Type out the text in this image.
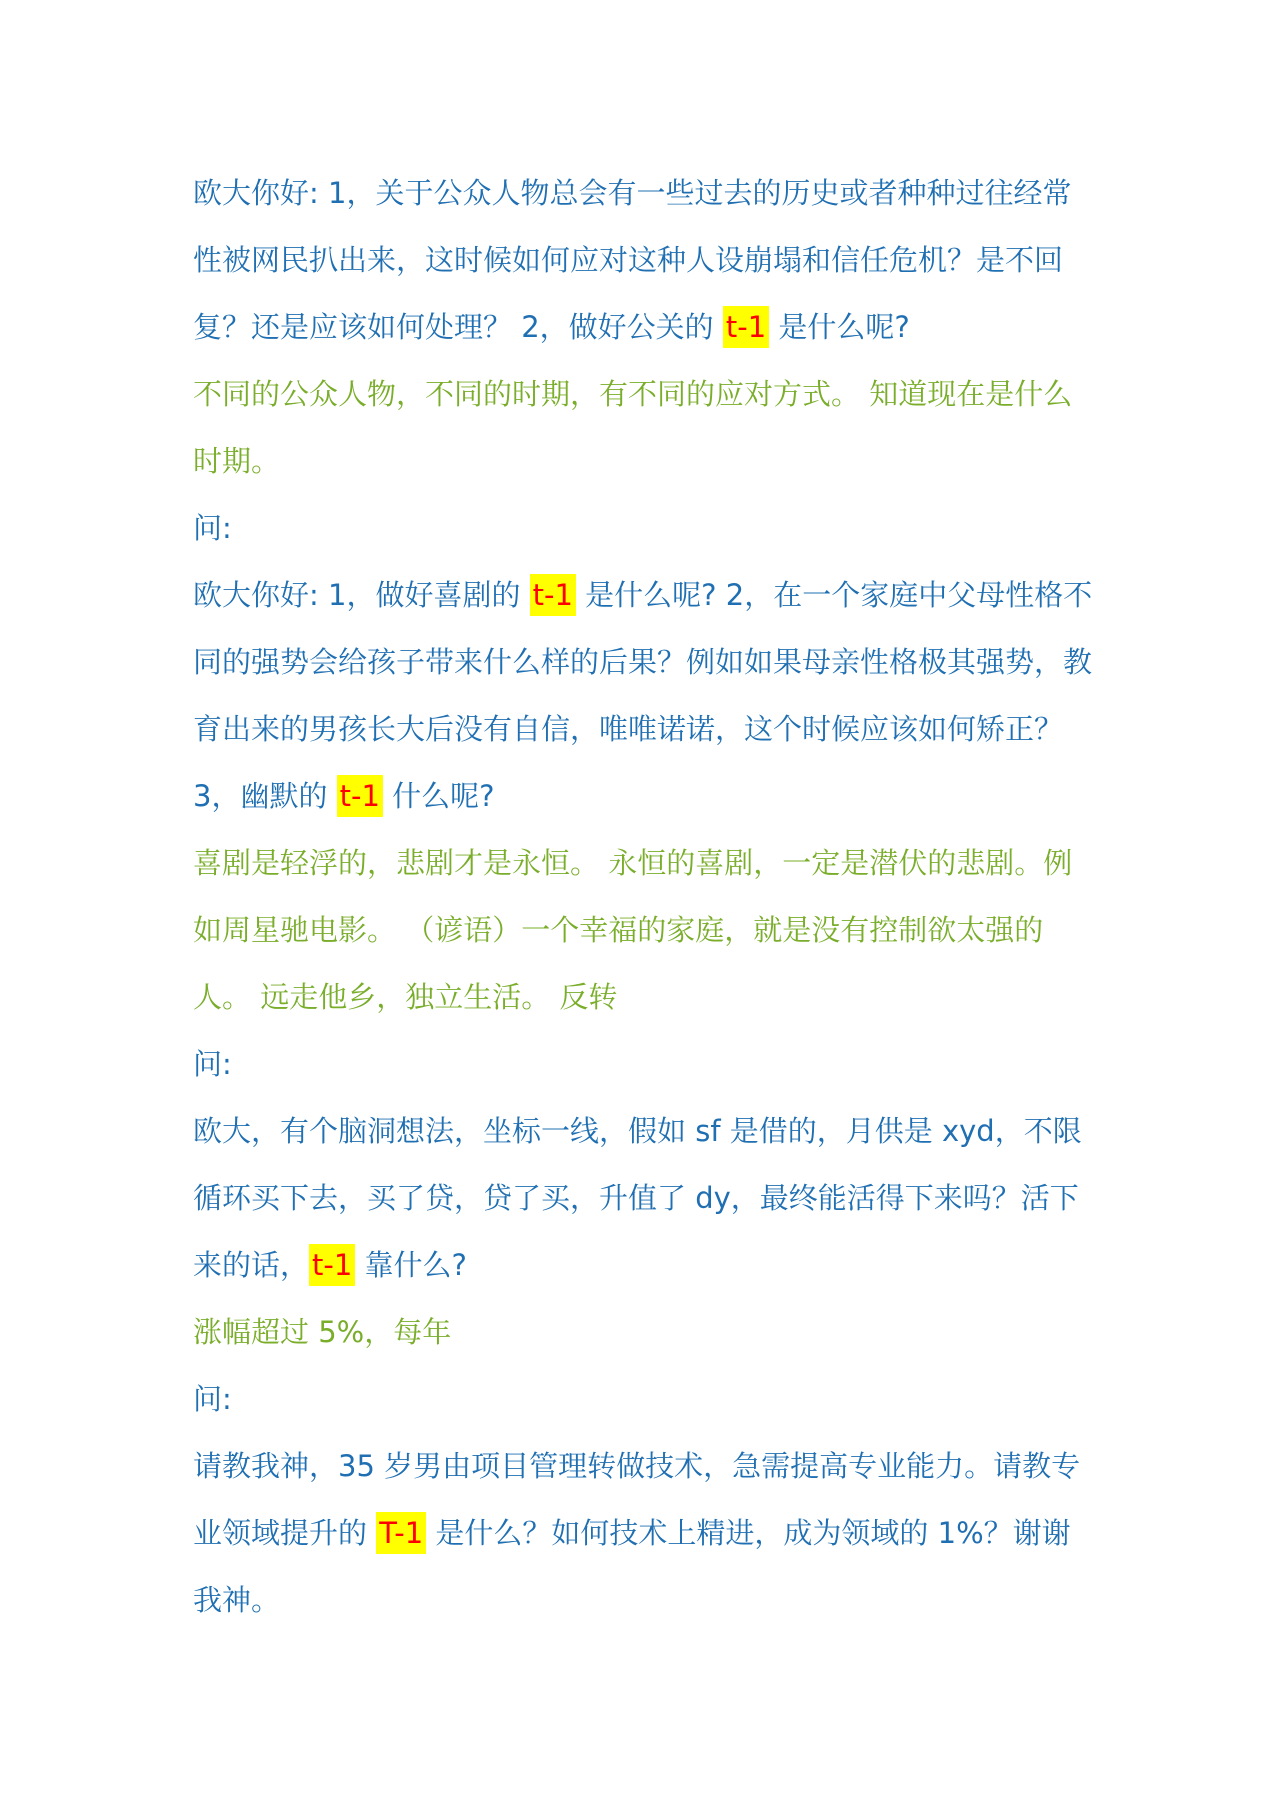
欧大你好: 1，关于公众人物总会有一些过去的历史或者种种过往经常性被网民扒出来，这时候如何应对这种人设崩塌和信任危机？是不回复？还是应该如何处理？ 2，做好公关的 t-1 是什么呢?

不同的公众人物，不同的时期，有不同的应对方式。 知道现在是什么时期。

问:

欧大你好: 1，做好喜剧的 t-1 是什么呢? 2，在一个家庭中父母性格不同的强势会给孩子带来什么样的后果？例如如果母亲性格极其强势，教育出来的男孩长大后没有自信，唯唯诺诺，这个时候应该如何矫正？ 3，幽默的 t-1 什么呢?

喜剧是轻浮的，悲剧才是永恒。 永恒的喜剧，一定是潜伏的悲剧。例如周星驰电影。 （谚语）一个幸福的家庭，就是没有控制欲太强的人。 远走他乡，独立生活。 反转

问:

欧大，有个脑洞想法，坐标一线，假如 sf 是借的，月供是 xyd，不限循环买下去，买了贷，贷了买，升值了 dy，最终能活得下来吗？活下来的话， t-1 靠什么?

涨幅超过 5%，每年

问:

请教我神，35 岁男由项目管理转做技术，急需提高专业能力。请教专业领域提升的 T-1 是什么？如何技术上精进，成为领域的 1%？谢谢我神。
